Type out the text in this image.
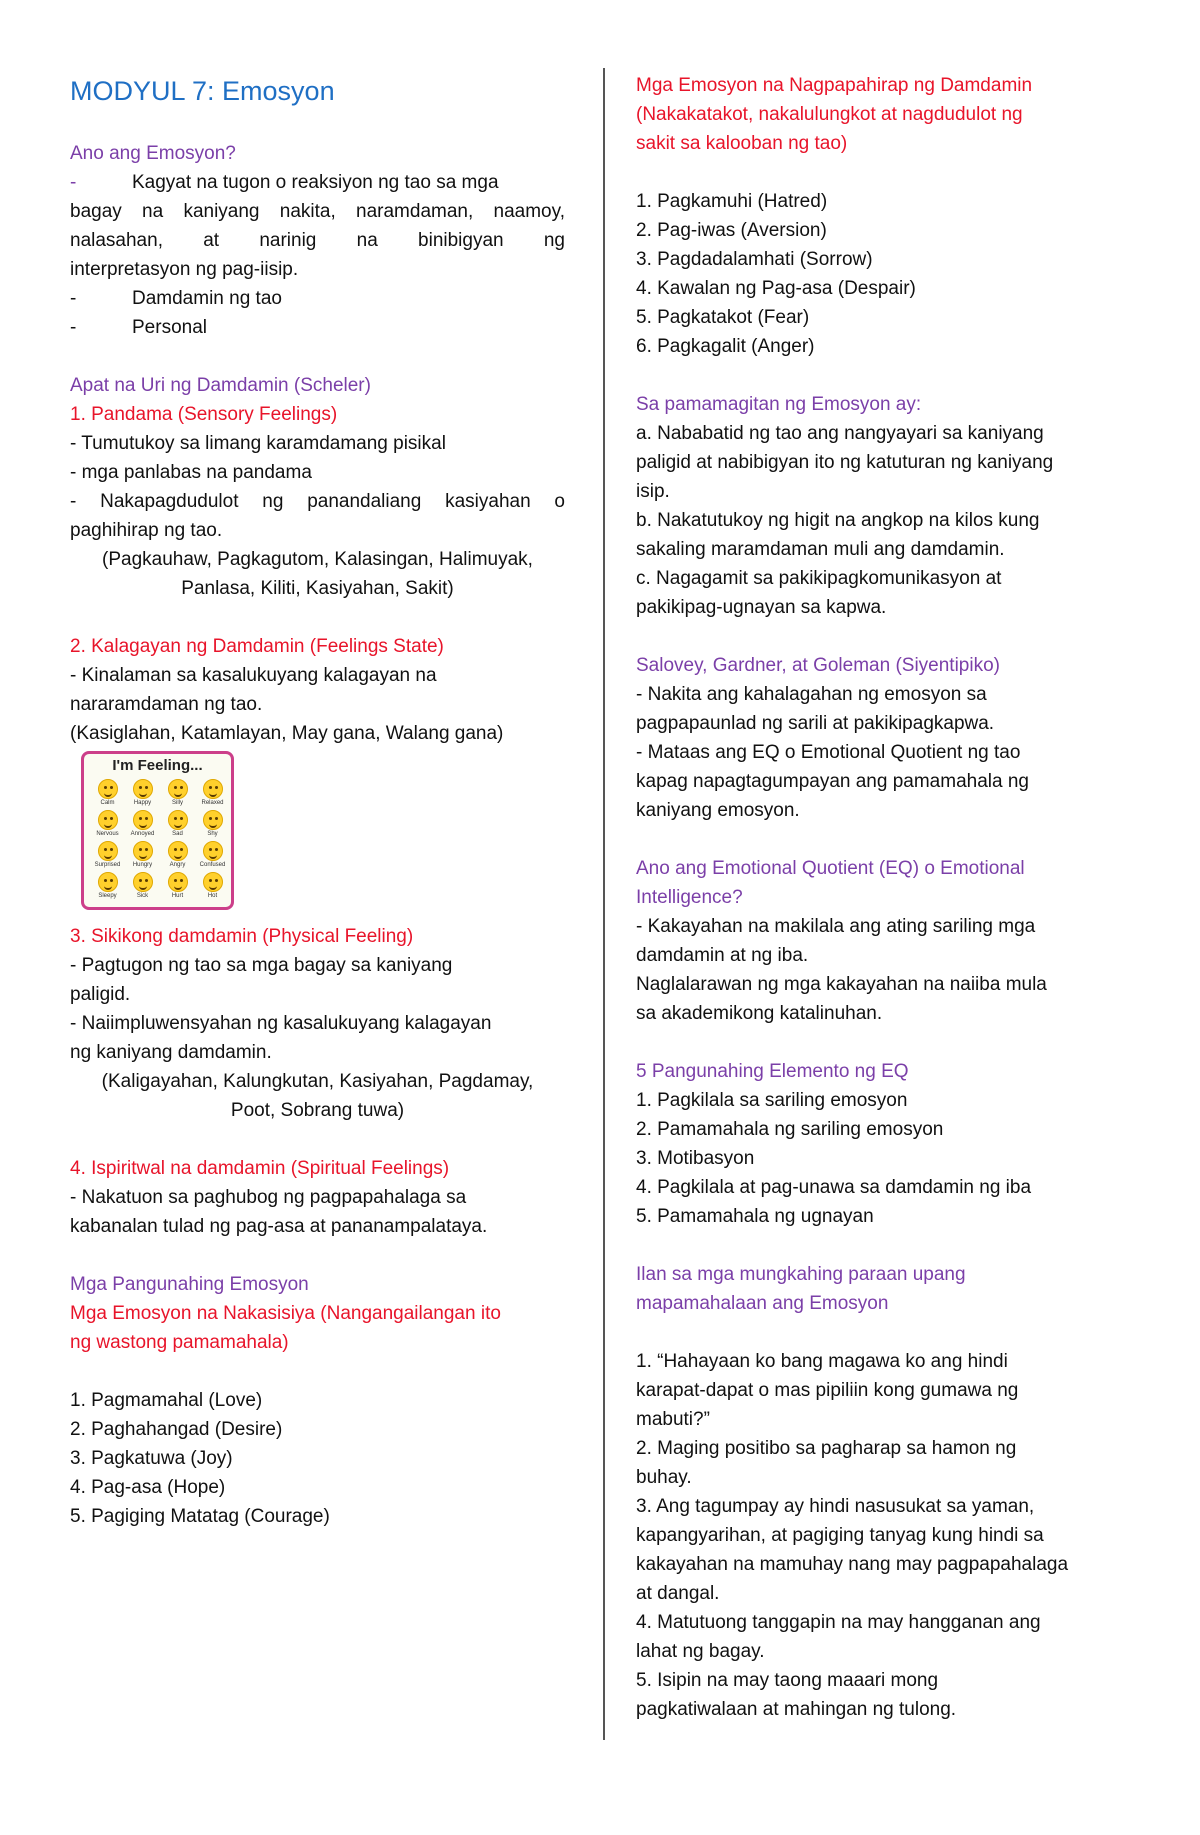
MODYUL 7: Emosyon
Ano ang Emosyon?
-	Kagyat na tugon o reaksiyon ng tao sa mga
bagay na kaniyang nakita, naramdaman, naamoy,
nalasahan, at narinig na binibigyan ng
interpretasyon ng pag-iisip.
-	Damdamin ng tao
-	Personal
Apat na Uri ng Damdamin (Scheler)
1. Pandama (Sensory Feelings)
- Tumutukoy sa limang karamdamang pisikal
- mga panlabas na pandama
- Nakapagdudulot ng panandaliang kasiyahan o
paghihirap ng tao.
(Pagkauhaw, Pagkagutom, Kalasingan, Halimuyak,
Panlasa, Kiliti, Kasiyahan, Sakit)
2. Kalagayan ng Damdamin (Feelings State)
- Kinalaman sa kasalukuyang kalagayan na
nararamdaman ng tao.
(Kasiglahan, Katamlayan, May gana, Walang gana)
I'm Feeling...
Calm	Happy	Silly	Relaxed
Nervous Annoyed	Sad	Shy
Surprised Hungry	Angry Confused
Sleepy	Sick	Hurt	Hot
3. Sikikong damdamin (Physical Feeling)
- Pagtugon ng tao sa mga bagay sa kaniyang
paligid.
- Naiimpluwensyahan ng kasalukuyang kalagayan
ng kaniyang damdamin.
(Kaligayahan, Kalungkutan, Kasiyahan, Pagdamay,
Poot, Sobrang tuwa)
4. Ispiritwal na damdamin (Spiritual Feelings)
- Nakatuon sa paghubog ng pagpapahalaga sa
kabanalan tulad ng pag-asa at pananampalataya.
Mga Pangunahing Emosyon
Mga Emosyon na Nakasisiya (Nangangailangan ito
ng wastong pamamahala)
1. Pagmamahal (Love)
2. Paghahangad (Desire)
3. Pagkatuwa (Joy)
4. Pag-asa (Hope)
5. Pagiging Matatag (Courage)
Mga Emosyon na Nagpapahirap ng Damdamin
(Nakakatakot, nakalulungkot at nagdudulot ng
sakit sa kalooban ng tao)
1. Pagkamuhi (Hatred)
2. Pag-iwas (Aversion)
3. Pagdadalamhati (Sorrow)
4. Kawalan ng Pag-asa (Despair)
5. Pagkatakot (Fear)
6. Pagkagalit (Anger)
Sa pamamagitan ng Emosyon ay:
a. Nababatid ng tao ang nangyayari sa kaniyang
paligid at nabibigyan ito ng katuturan ng kaniyang
isip.
b. Nakatutukoy ng higit na angkop na kilos kung
sakaling maramdaman muli ang damdamin.
c. Nagagamit sa pakikipagkomunikasyon at
pakikipag-ugnayan sa kapwa.
Salovey, Gardner, at Goleman (Siyentipiko)
- Nakita ang kahalagahan ng emosyon sa
pagpapaunlad ng sarili at pakikipagkapwa.
- Mataas ang EQ o Emotional Quotient ng tao
kapag napagtagumpayan ang pamamahala ng
kaniyang emosyon.
Ano ang Emotional Quotient (EQ) o Emotional
Intelligence?
- Kakayahan na makilala ang ating sariling mga
damdamin at ng iba.
Naglalarawan ng mga kakayahan na naiiba mula
sa akademikong katalinuhan.
5 Pangunahing Elemento ng EQ
1. Pagkilala sa sariling emosyon
2. Pamamahala ng sariling emosyon
3. Motibasyon
4. Pagkilala at pag-unawa sa damdamin ng iba
5. Pamamahala ng ugnayan
Ilan sa mga mungkahing paraan upang
mapamahalaan ang Emosyon
1. “Hahayaan ko bang magawa ko ang hindi
karapat-dapat o mas pipiliin kong gumawa ng
mabuti?”
2. Maging positibo sa pagharap sa hamon ng
buhay.
3. Ang tagumpay ay hindi nasusukat sa yaman,
kapangyarihan, at pagiging tanyag kung hindi sa
kakayahan na mamuhay nang may pagpapahalaga
at dangal.
4. Matutuong tanggapin na may hangganan ang
lahat ng bagay.
5. Isipin na may taong maaari mong
pagkatiwalaan at mahingan ng tulong.
